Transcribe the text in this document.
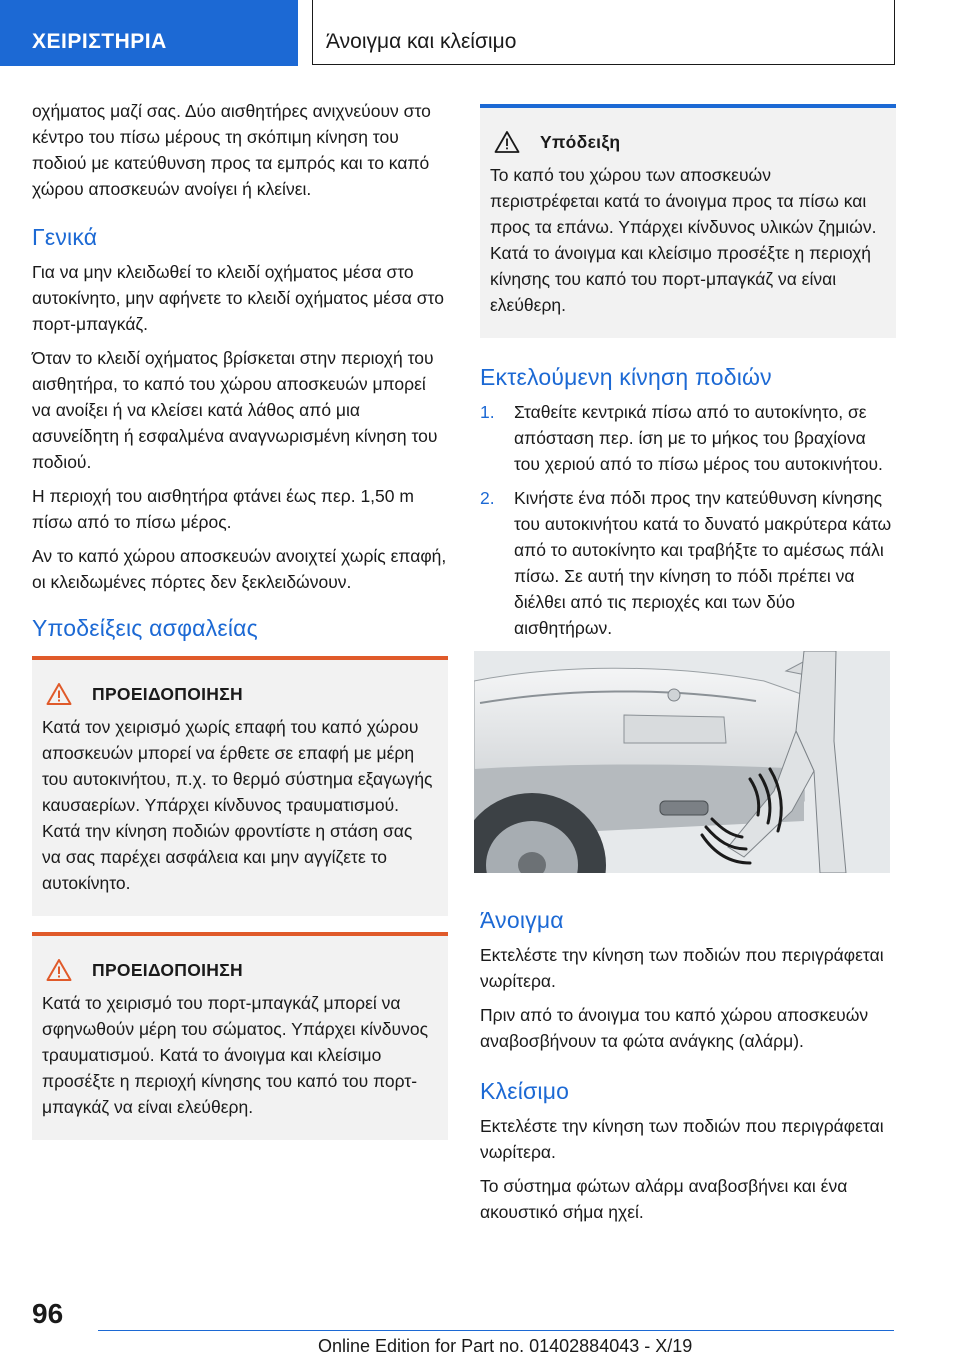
ΧΕΙΡΙΣΤΗΡΙΑ	Άνοιγμα και κλείσιμο

οχήματος μαζί σας. Δύο αισθητήρες ανιχνεύουν στο κέντρο του πίσω μέρους τη σκόπιμη κίνηση του ποδιού με κατεύθυνση προς τα εμπρός και το καπό χώρου αποσκευών ανοίγει ή κλείνει.

Γενικά

Για να μην κλειδωθεί το κλειδί οχήματος μέσα στο αυτοκίνητο, μην αφήνετε το κλειδί οχήματος μέσα στο πορτ-μπαγκάζ.

Όταν το κλειδί οχήματος βρίσκεται στην περιοχή του αισθητήρα, το καπό του χώρου αποσκευών μπορεί να ανοίξει ή να κλείσει κατά λάθος από μια ασυνείδητη ή εσφαλμένα αναγνωρισμένη κίνηση του ποδιού.

Η περιοχή του αισθητήρα φτάνει έως περ. 1,50 m πίσω από το πίσω μέρος.

Αν το καπό χώρου αποσκευών ανοιχτεί χωρίς επαφή, οι κλειδωμένες πόρτες δεν ξεκλειδώνουν.

Υποδείξεις ασφαλείας
ΠΡΟΕΙΔΟΠΟΙΗΣΗ
Κατά τον χειρισμό χωρίς επαφή του καπό χώρου αποσκευών μπορεί να έρθετε σε επαφή με μέρη του αυτοκινήτου, π.χ. το θερμό σύστημα εξαγωγής καυσαερίων. Υπάρχει κίνδυνος τραυματισμού. Κατά την κίνηση ποδιών φροντίστε η στάση σας να σας παρέχει ασφάλεια και μην αγγίζετε το αυτοκίνητο.
ΠΡΟΕΙΔΟΠΟΙΗΣΗ
Κατά το χειρισμό του πορτ-μπαγκάζ μπορεί να σφηνωθούν μέρη του σώματος. Υπάρχει κίνδυνος τραυματισμού. Κατά το άνοιγμα και κλείσιμο προσέξτε η περιοχή κίνησης του καπό του πορτ-μπαγκάζ να είναι ελεύθερη.
Υπόδειξη
Το καπό του χώρου των αποσκευών περιστρέφεται κατά το άνοιγμα προς τα πίσω και προς τα επάνω. Υπάρχει κίνδυνος υλικών ζημιών. Κατά το άνοιγμα και κλείσιμο προσέξτε η περιοχή κίνησης του καπό του πορτ-μπαγκάζ να είναι ελεύθερη.
Εκτελούμενη κίνηση ποδιών
1.	Σταθείτε κεντρικά πίσω από το αυτοκίνητο, σε απόσταση περ. ίση με το μήκος του βραχίονα του χεριού από το πίσω μέρος του αυτοκινήτου.
2.	Κινήστε ένα πόδι προς την κατεύθυνση κίνησης του αυτοκινήτου κατά το δυνατό μακρύτερα κάτω από το αυτοκίνητο και τραβήξτε το αμέσως πάλι πίσω. Σε αυτή την κίνηση το πόδι πρέπει να διέλθει από τις περιοχές και των δύο αισθητήρων.
Άνοιγμα

Εκτελέστε την κίνηση των ποδιών που περιγράφεται νωρίτερα.

Πριν από το άνοιγμα του καπό χώρου αποσκευών αναβοσβήνουν τα φώτα ανάγκης (αλάρμ).

Κλείσιμο

Εκτελέστε την κίνηση των ποδιών που περιγράφεται νωρίτερα.

Το σύστημα φώτων αλάρμ αναβοσβήνει και ένα ακουστικό σήμα ηχεί.

96
Online Edition for Part no. 01402884043 - X/19
